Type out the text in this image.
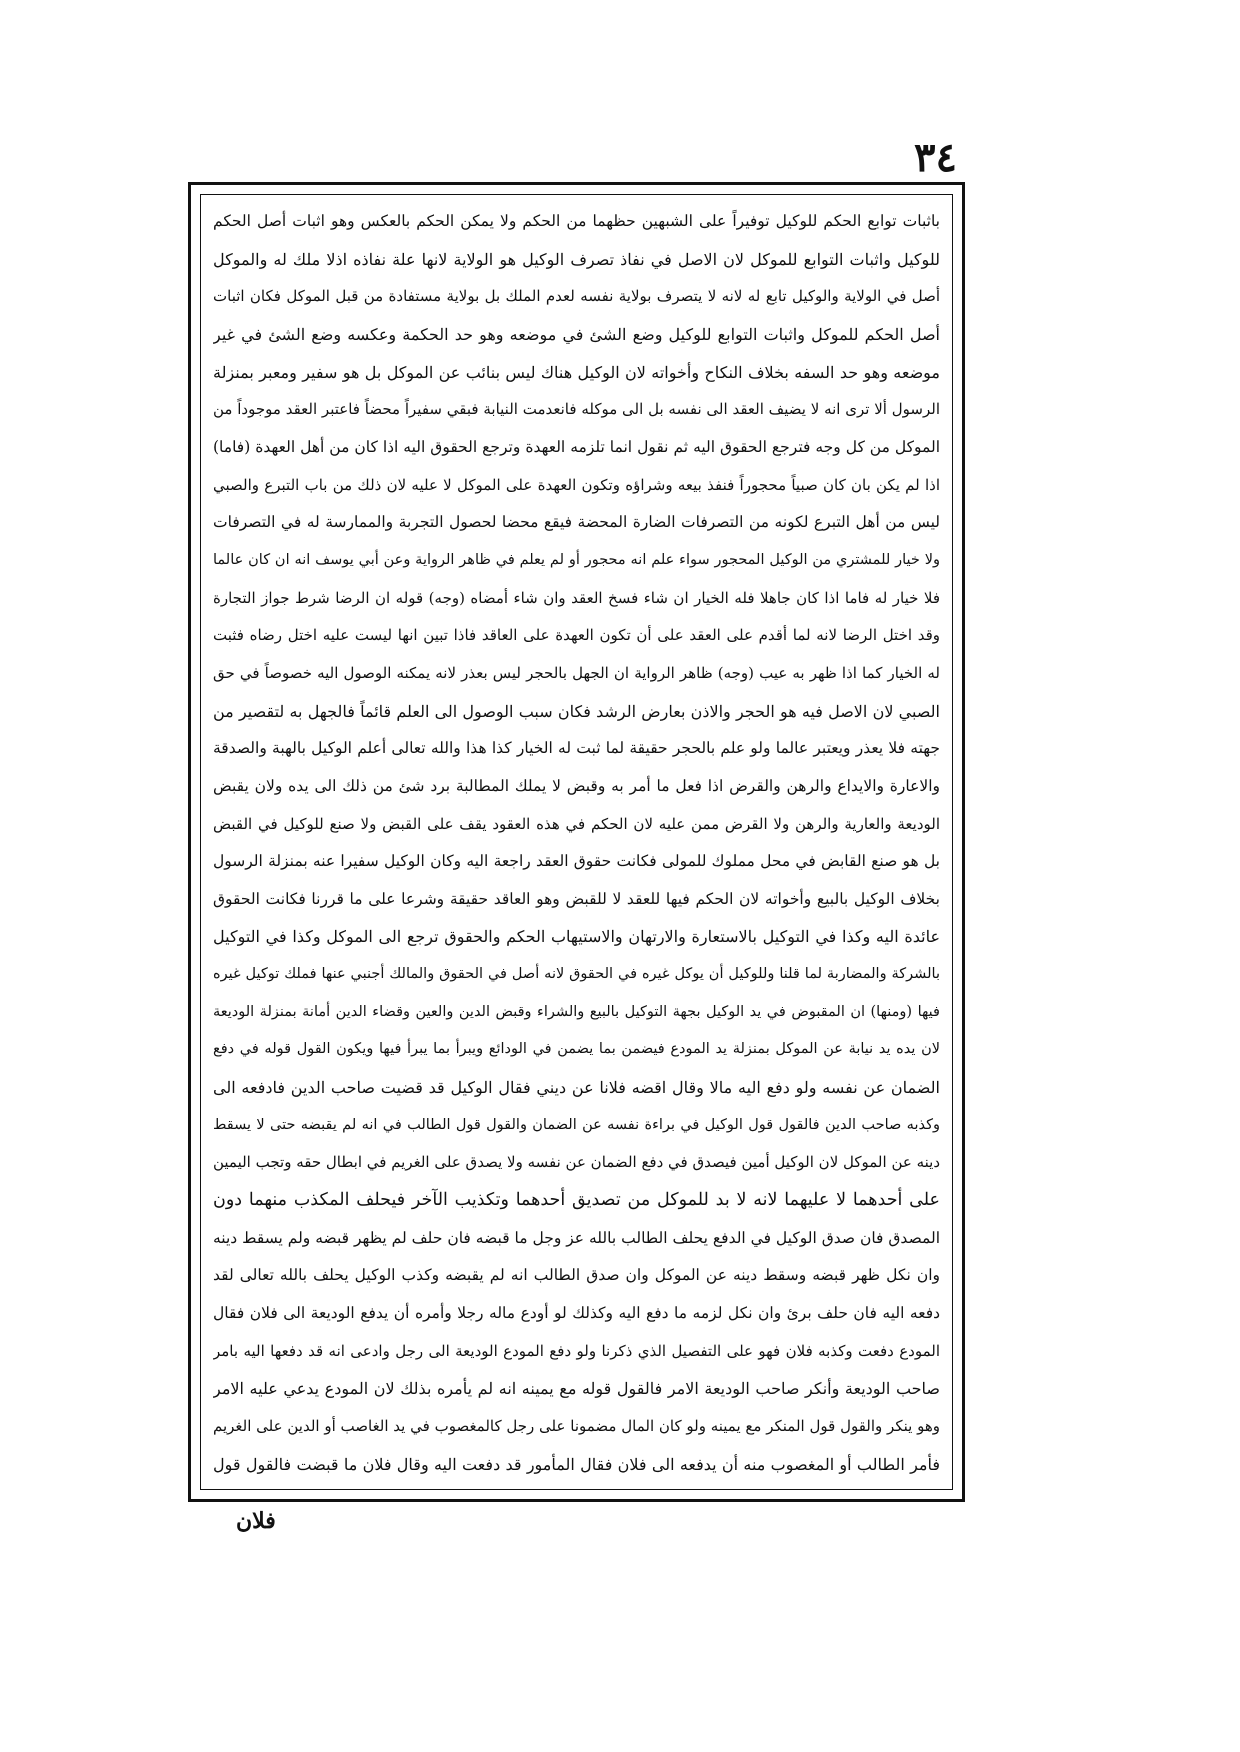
٣٤
باثبات توابع الحكم للوكيل توفيراً على الشبهين حظهما من الحكم ولا يمكن الحكم بالعكس وهو اثبات أصل الحكم
للوكيل واثبات التوابع للموكل لان الاصل في نفاذ تصرف الوكيل هو الولاية لانها علة نفاذه اذلا ملك له والموكل
أصل في الولاية والوكيل تابع له لانه لا يتصرف بولاية نفسه لعدم الملك بل بولاية مستفادة من قبل الموكل فكان اثبات
أصل الحكم للموكل واثبات التوابع للوكيل وضع الشئ في موضعه وهو حد الحكمة وعكسه وضع الشئ في غير
موضعه وهو حد السفه بخلاف النكاح وأخواته لان الوكيل هناك ليس بنائب عن الموكل بل هو سفير ومعبر بمنزلة
الرسول ألا ترى انه لا يضيف العقد الى نفسه بل الى موكله فانعدمت النيابة فبقي سفيراً محضاً فاعتبر العقد موجوداً من
الموكل من كل وجه فترجع الحقوق اليه ثم نقول انما تلزمه العهدة وترجع الحقوق اليه اذا كان من أهل العهدة (فاما)
اذا لم يكن بان كان صبياً محجوراً فنفذ بيعه وشراؤه وتكون العهدة على الموكل لا عليه لان ذلك من باب التبرع والصبي
ليس من أهل التبرع لكونه من التصرفات الضارة المحضة فيقع محضا لحصول التجربة والممارسة له في التصرفات
ولا خيار للمشتري من الوكيل المحجور سواء علم انه محجور أو لم يعلم في ظاهر الرواية وعن أبي يوسف انه ان كان عالما
فلا خيار له فاما اذا كان جاهلا فله الخيار ان شاء فسخ العقد وان شاء أمضاه (وجه) قوله ان الرضا شرط جواز التجارة
وقد اختل الرضا لانه لما أقدم على العقد على أن تكون العهدة على العاقد فاذا تبين انها ليست عليه اختل رضاه فثبت
له الخيار كما اذا ظهر به عيب (وجه) ظاهر الرواية ان الجهل بالحجر ليس بعذر لانه يمكنه الوصول اليه خصوصاً في حق
الصبي لان الاصل فيه هو الحجر والاذن بعارض الرشد فكان سبب الوصول الى العلم قائماً فالجهل به لتقصير من
جهته فلا يعذر ويعتبر عالما ولو علم بالحجر حقيقة لما ثبت له الخيار كذا هذا والله تعالى أعلم الوكيل بالهبة والصدقة
والاعارة والايداع والرهن والقرض اذا فعل ما أمر به وقبض لا يملك المطالبة برد شئ من ذلك الى يده ولان يقبض
الوديعة والعارية والرهن ولا القرض ممن عليه لان الحكم في هذه العقود يقف على القبض ولا صنع للوكيل في القبض
بل هو صنع القابض في محل مملوك للمولى فكانت حقوق العقد راجعة اليه وكان الوكيل سفيرا عنه بمنزلة الرسول
بخلاف الوكيل بالبيع وأخواته لان الحكم فيها للعقد لا للقبض وهو العاقد حقيقة وشرعا على ما قررنا فكانت الحقوق
عائدة اليه وكذا في التوكيل بالاستعارة والارتهان والاستيهاب الحكم والحقوق ترجع الى الموكل وكذا في التوكيل
بالشركة والمضاربة لما قلنا وللوكيل أن يوكل غيره في الحقوق لانه أصل في الحقوق والمالك أجنبي عنها فملك توكيل غيره
فيها (ومنها) ان المقبوض في يد الوكيل بجهة التوكيل بالبيع والشراء وقبض الدين والعين وقضاء الدين أمانة بمنزلة الوديعة
لان يده يد نيابة عن الموكل بمنزلة يد المودع فيضمن بما يضمن في الودائع ويبرأ بما يبرأ فيها ويكون القول قوله في دفع
الضمان عن نفسه ولو دفع اليه مالا وقال اقضه فلانا عن ديني فقال الوكيل قد قضيت صاحب الدين فادفعه الى
وكذبه صاحب الدين فالقول قول الوكيل في براءة نفسه عن الضمان والقول قول الطالب في انه لم يقبضه حتى لا يسقط
دينه عن الموكل لان الوكيل أمين فيصدق في دفع الضمان عن نفسه ولا يصدق على الغريم في ابطال حقه وتجب اليمين
على أحدهما لا عليهما لانه لا بد للموكل من تصديق أحدهما وتكذيب الآخر فيحلف المكذب منهما دون
المصدق فان صدق الوكيل في الدفع يحلف الطالب بالله عز وجل ما قبضه فان حلف لم يظهر قبضه ولم يسقط دينه
وان نكل ظهر قبضه وسقط دينه عن الموكل وان صدق الطالب انه لم يقبضه وكذب الوكيل يحلف بالله تعالى لقد
دفعه اليه فان حلف برئ وان نكل لزمه ما دفع اليه وكذلك لو أودع ماله رجلا وأمره أن يدفع الوديعة الى فلان فقال
المودع دفعت وكذبه فلان فهو على التفصيل الذي ذكرنا ولو دفع المودع الوديعة الى رجل وادعى انه قد دفعها اليه بامر
صاحب الوديعة وأنكر صاحب الوديعة الامر فالقول قوله مع يمينه انه لم يأمره بذلك لان المودع يدعي عليه الامر
وهو ينكر والقول قول المنكر مع يمينه ولو كان المال مضمونا على رجل كالمغصوب في يد الغاصب أو الدين على الغريم
فأمر الطالب أو المغصوب منه أن يدفعه الى فلان فقال المأمور قد دفعت اليه وقال فلان ما قبضت فالقول قول
فلان
